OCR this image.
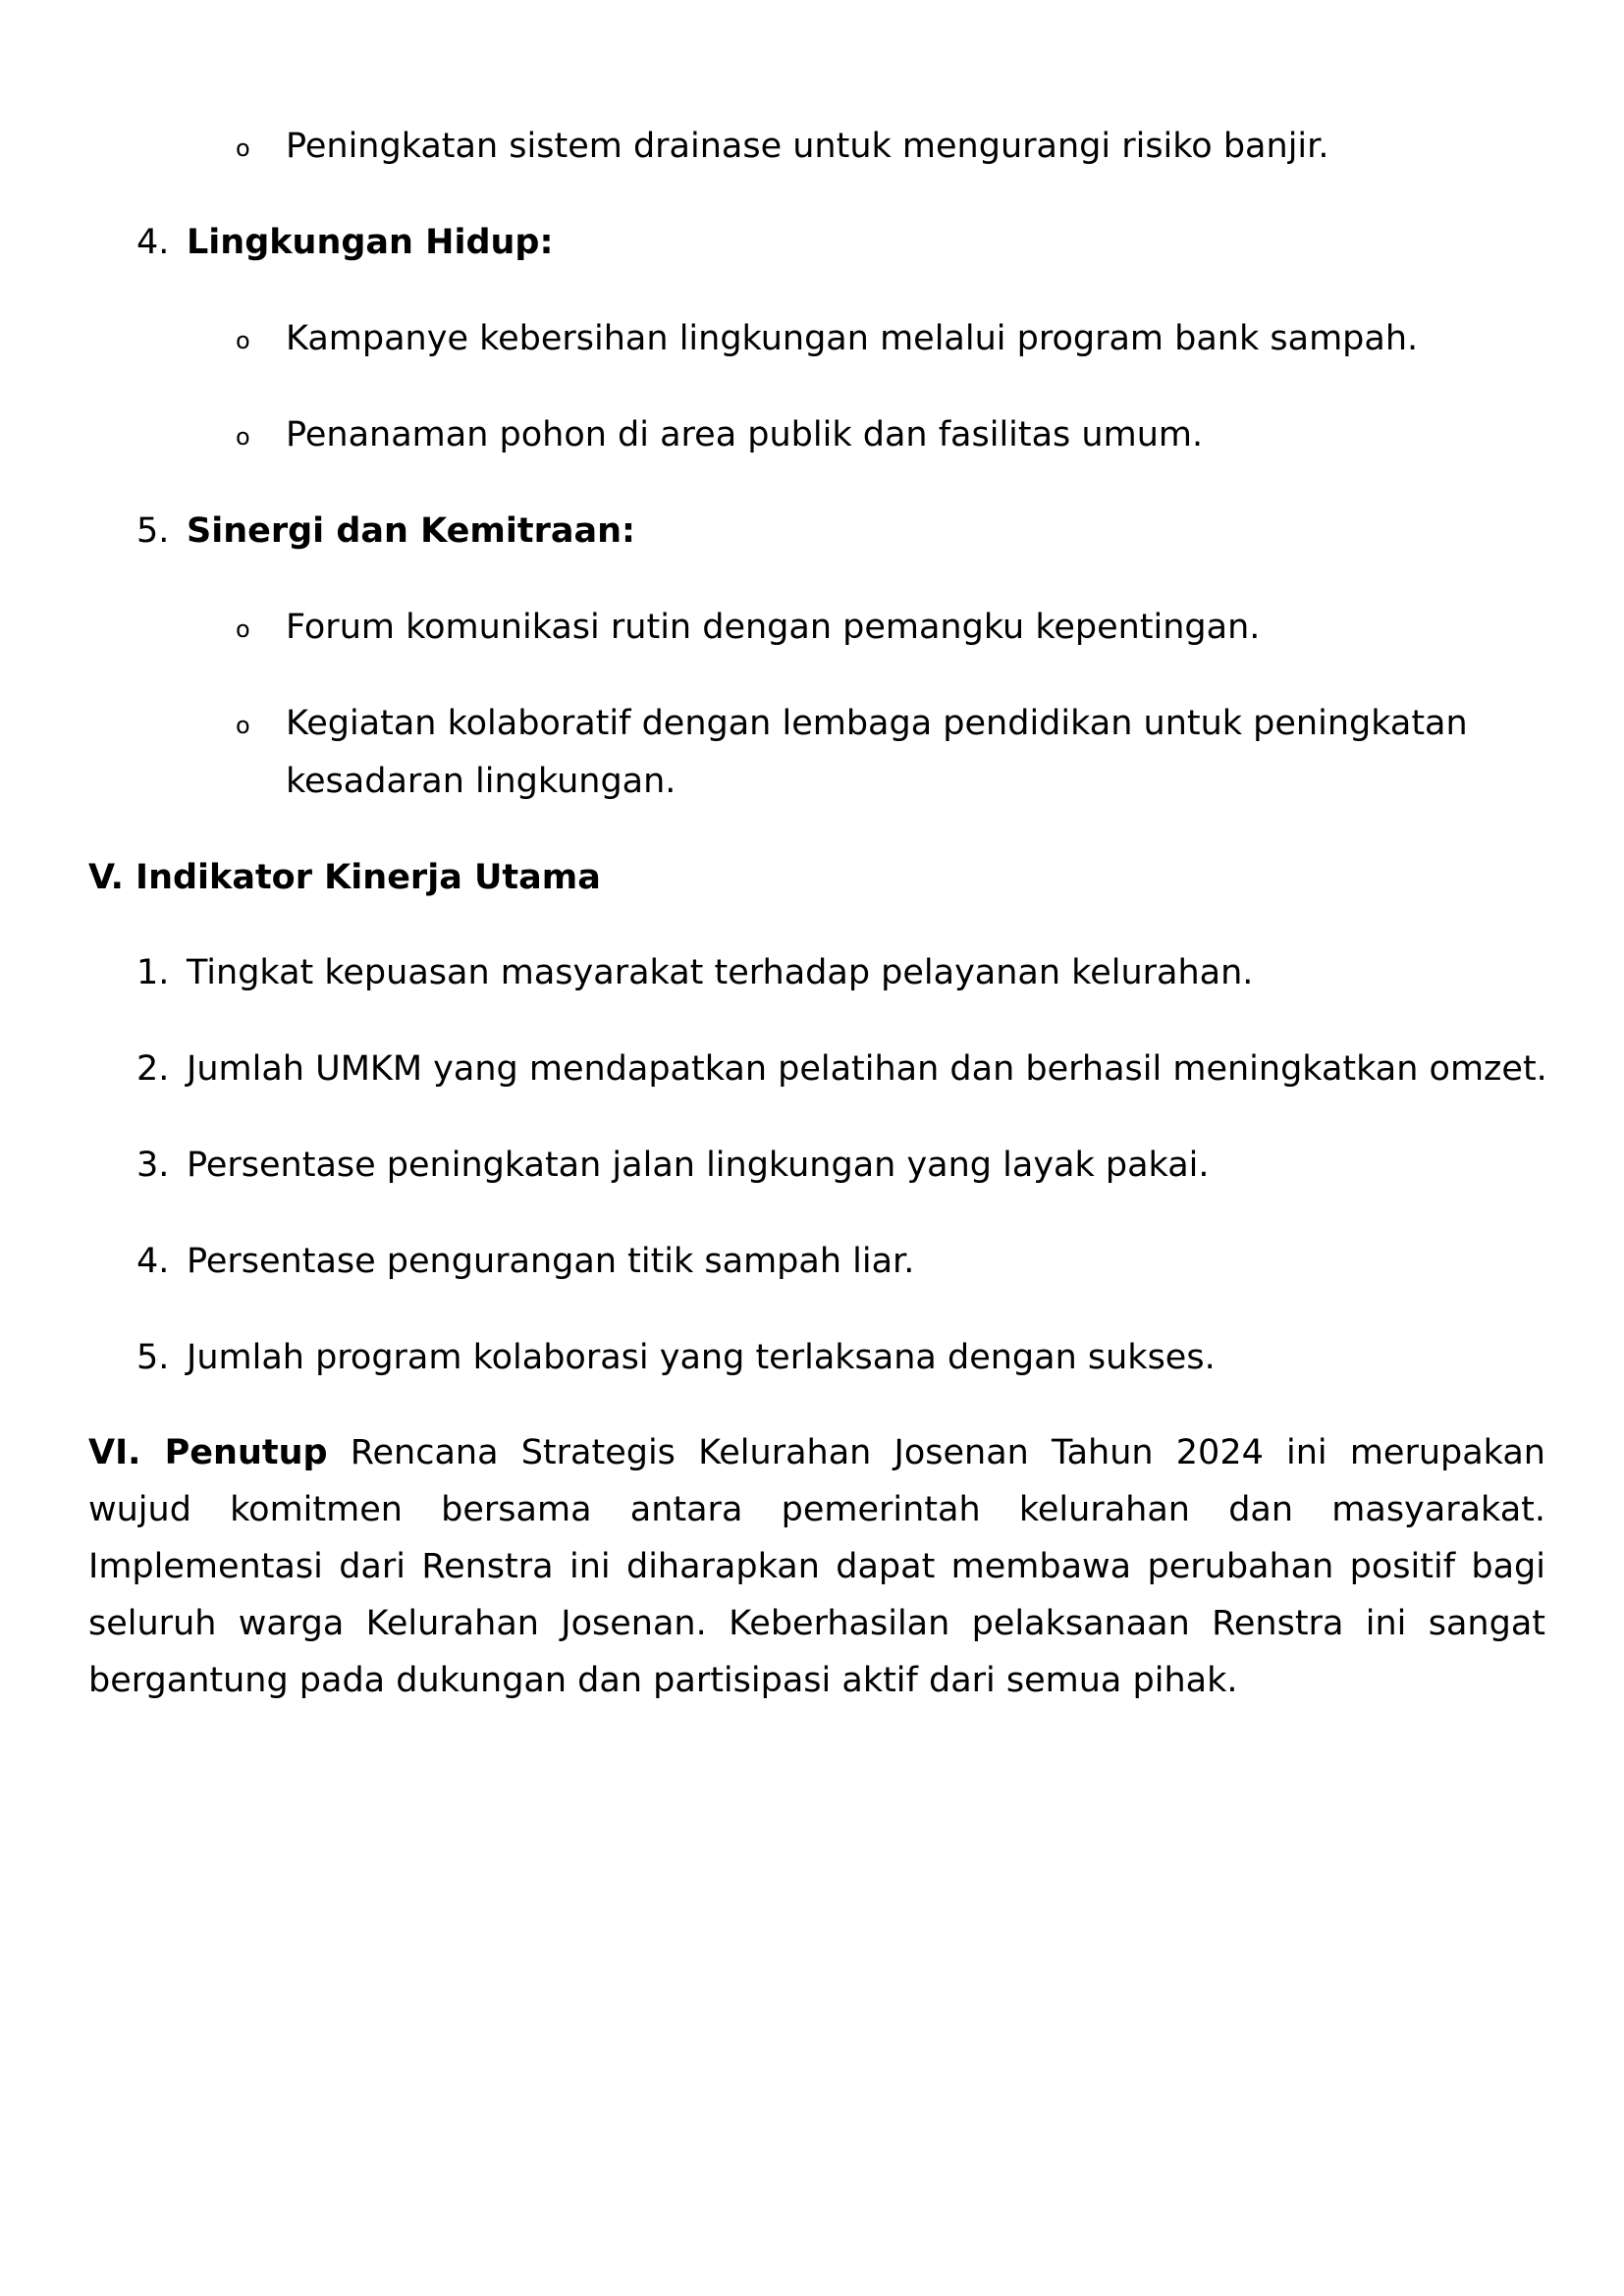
o Peningkatan sistem drainase untuk mengurangi risiko banjir.
4. Lingkungan Hidup:
o Kampanye kebersihan lingkungan melalui program bank sampah.
o Penanaman pohon di area publik dan fasilitas umum.
5. Sinergi dan Kemitraan:
o Forum komunikasi rutin dengan pemangku kepentingan.
o Kegiatan kolaboratif dengan lembaga pendidikan untuk peningkatan
kesadaran lingkungan.
V. Indikator Kinerja Utama
1. Tingkat kepuasan masyarakat terhadap pelayanan kelurahan.
2. Jumlah UMKM yang mendapatkan pelatihan dan berhasil meningkatkan omzet.
3. Persentase peningkatan jalan lingkungan yang layak pakai.
4. Persentase pengurangan titik sampah liar.
5. Jumlah program kolaborasi yang terlaksana dengan sukses.
VI. Penutup Rencana Strategis Kelurahan Josenan Tahun 2024 ini merupakan wujud komitmen bersama antara pemerintah kelurahan dan masyarakat. Implementasi dari Renstra ini diharapkan dapat membawa perubahan positif bagi seluruh warga Kelurahan Josenan. Keberhasilan pelaksanaan Renstra ini sangat bergantung pada dukungan dan partisipasi aktif dari semua pihak.
